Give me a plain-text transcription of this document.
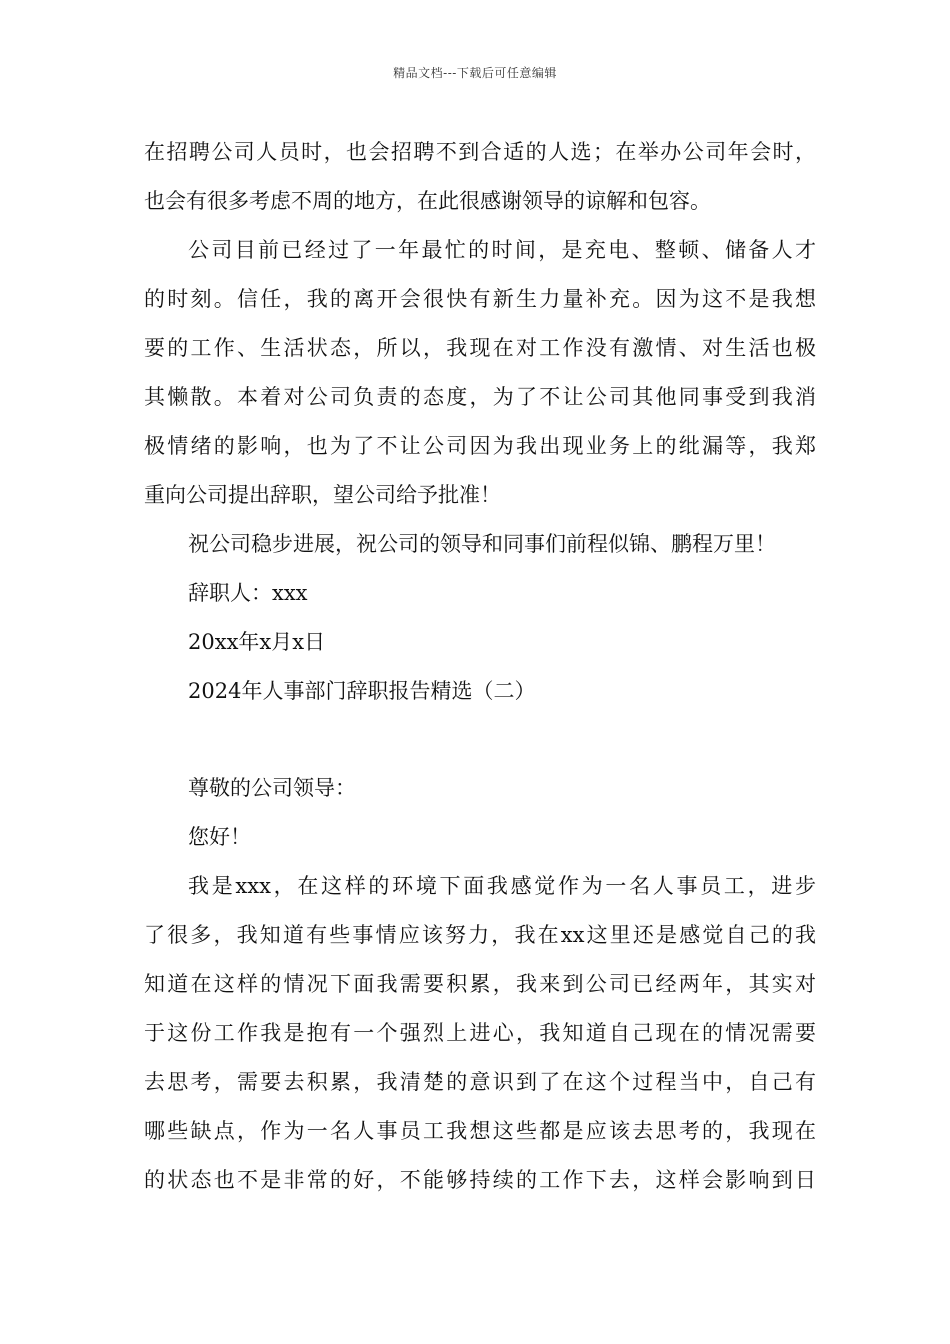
精品文档---下载后可任意编辑
在招聘公司人员时，也会招聘不到合适的人选；在举办公司年会时，
也会有很多考虑不周的地方，在此很感谢领导的谅解和包容。
公司目前已经过了一年最忙的时间，是充电、整顿、储备人才
的时刻。信任，我的离开会很快有新生力量补充。因为这不是我想
要的工作、生活状态，所以，我现在对工作没有激情、对生活也极
其懒散。本着对公司负责的态度，为了不让公司其他同事受到我消
极情绪的影响，也为了不让公司因为我出现业务上的纰漏等，我郑
重向公司提出辞职，望公司给予批准！
祝公司稳步进展，祝公司的领导和同事们前程似锦、鹏程万里！
辞职人：xxx
20xx年x月x日
2024年人事部门辞职报告精选（二）
尊敬的公司领导：
您好！
我是xxx，在这样的环境下面我感觉作为一名人事员工，进步
了很多，我知道有些事情应该努力，我在xx这里还是感觉自己的我
知道在这样的情况下面我需要积累，我来到公司已经两年，其实对
于这份工作我是抱有一个强烈上进心，我知道自己现在的情况需要
去思考，需要去积累，我清楚的意识到了在这个过程当中，自己有
哪些缺点，作为一名人事员工我想这些都是应该去思考的，我现在
的状态也不是非常的好，不能够持续的工作下去，这样会影响到日
